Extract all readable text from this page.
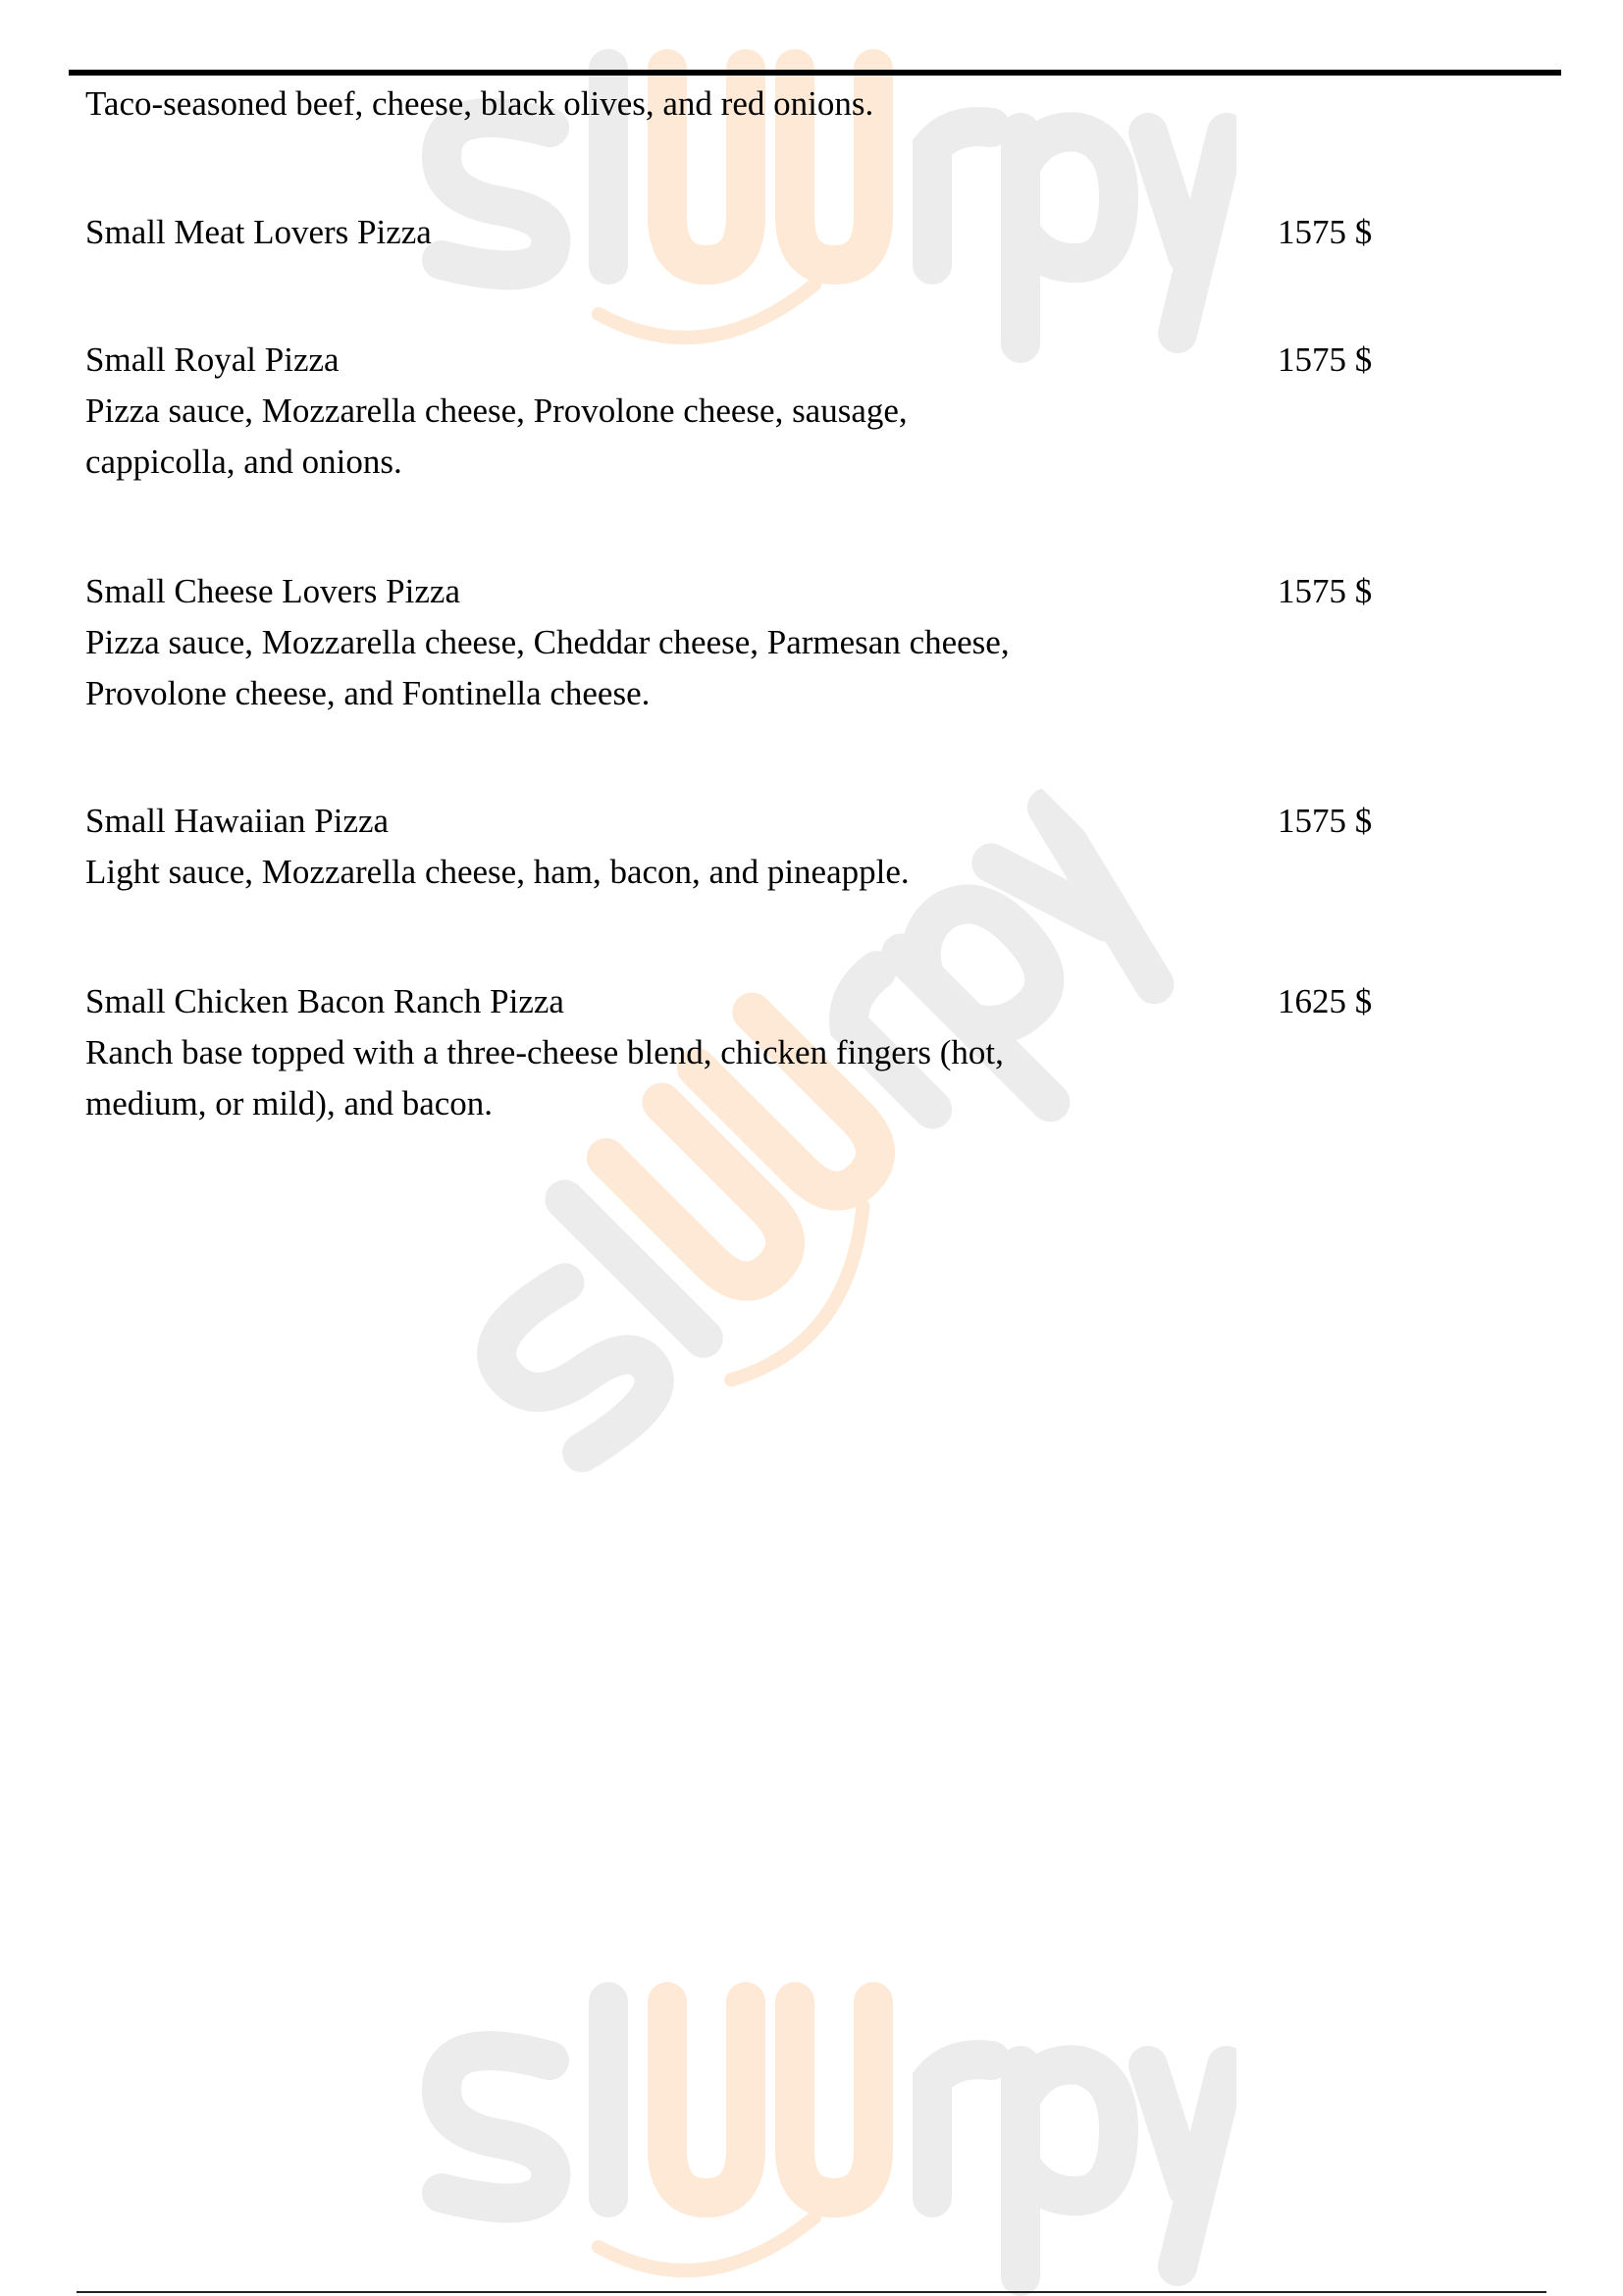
Taco-seasoned beef, cheese, black olives, and red onions.
Small Meat Lovers Pizza	1575 $
Small Royal Pizza
Pizza sauce, Mozzarella cheese, Provolone cheese, sausage,
cappicolla, and onions.
1575 $
Small Cheese Lovers Pizza
Pizza sauce, Mozzarella cheese, Cheddar cheese, Parmesan cheese,
Provolone cheese, and Fontinella cheese.
1575 $
Small Hawaiian Pizza
Light sauce, Mozzarella cheese, ham, bacon, and pineapple.
1575 $
Small Chicken Bacon Ranch Pizza
Ranch base topped with a three-cheese blend, chicken fingers (hot,
medium, or mild), and bacon.
1625 $
